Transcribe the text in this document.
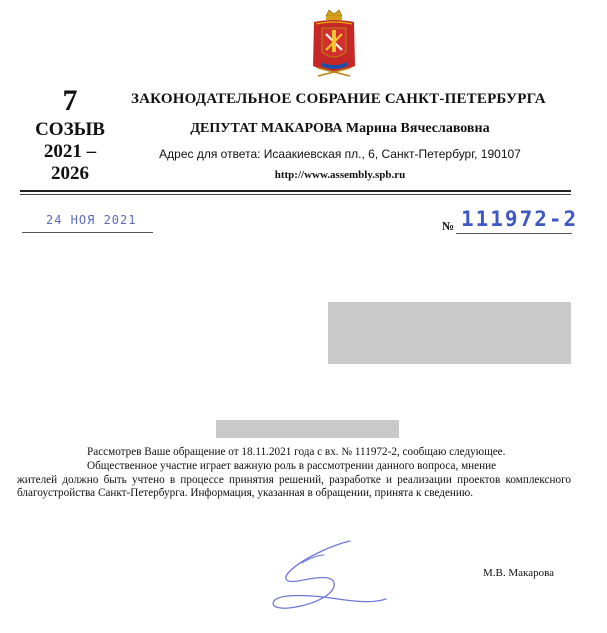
7
СОЗЫВ
2021 –
2026
ЗАКОНОДАТЕЛЬНОЕ СОБРАНИЕ САНКТ-ПЕТЕРБУРГА
ДЕПУТАТ МАКАРОВА Марина Вячеславовна
Адрес для ответа: Исаакиевская пл., 6, Санкт-Петербург, 190107
http://www.assembly.spb.ru
24 НОЯ 2021	№ 111972-2

Рассмотрев Ваше обращение от 18.11.2021 года с вх. № 111972-2, сообщаю следующее.

Общественное участие играет важную роль в рассмотрении данного вопроса, мнение

жителей должно быть учтено в процессе принятия решений, разработке и реализации проектов комплексного благоустройства Санкт-Петербурга. Информация, указанная в обращении, принята к сведению.

М.В. Макарова
